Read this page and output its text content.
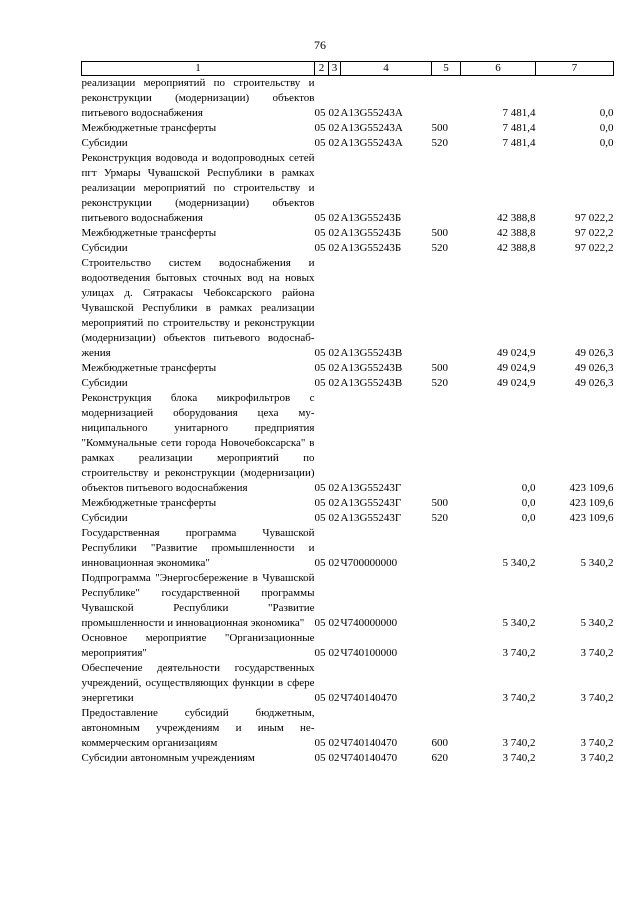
76
1	2	3	4	5	6	7
реализации мероприятий по строительству и реконструкции (модернизации) объектов питьевого водоснабжения	05	02	A13G55243A		7 481,4	0,0
Межбюджетные трансферты	05	02	A13G55243A	500	7 481,4	0,0
Субсидии	05	02	A13G55243A	520	7 481,4	0,0
Реконструкция водовода и водопроводных сетей пгт Урмары Чувашской Республики в рамках реализации мероприятий по строительству и реконструкции (модернизации) объектов питьевого водоснабжения	05	02	A13G55243Б		42 388,8	97 022,2
Межбюджетные трансферты	05	02	A13G55243Б	500	42 388,8	97 022,2
Субсидии	05	02	A13G55243Б	520	42 388,8	97 022,2
Строительство систем водоснабжения и водоотведения бытовых сточных вод на новых улицах д. Сятракасы Чебоксарского района Чувашской Республики в рамках реализации мероприятий по строительству и реконструкции (модернизации) объектов питьевого водоснабжения	05	02	A13G55243В		49 024,9	49 026,3
Межбюджетные трансферты	05	02	A13G55243В	500	49 024,9	49 026,3
Субсидии	05	02	A13G55243В	520	49 024,9	49 026,3
Реконструкция блока микрофильтров с модернизацией оборудования цеха муниципального унитарного предприятия "Коммунальные сети города Новочебоксарска" в рамках реализации мероприятий по строительству и реконструкции (модернизации) объектов питьевого водоснабжения	05	02	A13G55243Г		0,0	423 109,6
Межбюджетные трансферты	05	02	A13G55243Г	500	0,0	423 109,6
Субсидии	05	02	A13G55243Г	520	0,0	423 109,6
Государственная программа Чувашской Республики "Развитие промышленности и инновационная экономика"	05	02	Ч700000000		5 340,2	5 340,2
Подпрограмма "Энергосбережение в Чувашской Республике" государственной программы Чувашской Республики "Развитие промышленности и инновационная экономика"	05	02	Ч740000000		5 340,2	5 340,2
Основное мероприятие "Организационные мероприятия"	05	02	Ч740100000		3 740,2	3 740,2
Обеспечение деятельности государственных учреждений, осуществляющих функции в сфере энергетики	05	02	Ч740140470		3 740,2	3 740,2
Предоставление субсидий бюджетным, автономным учреждениям и иным некоммерческим организациям	05	02	Ч740140470	600	3 740,2	3 740,2
Субсидии автономным учреждениям	05	02	Ч740140470	620	3 740,2	3 740,2
